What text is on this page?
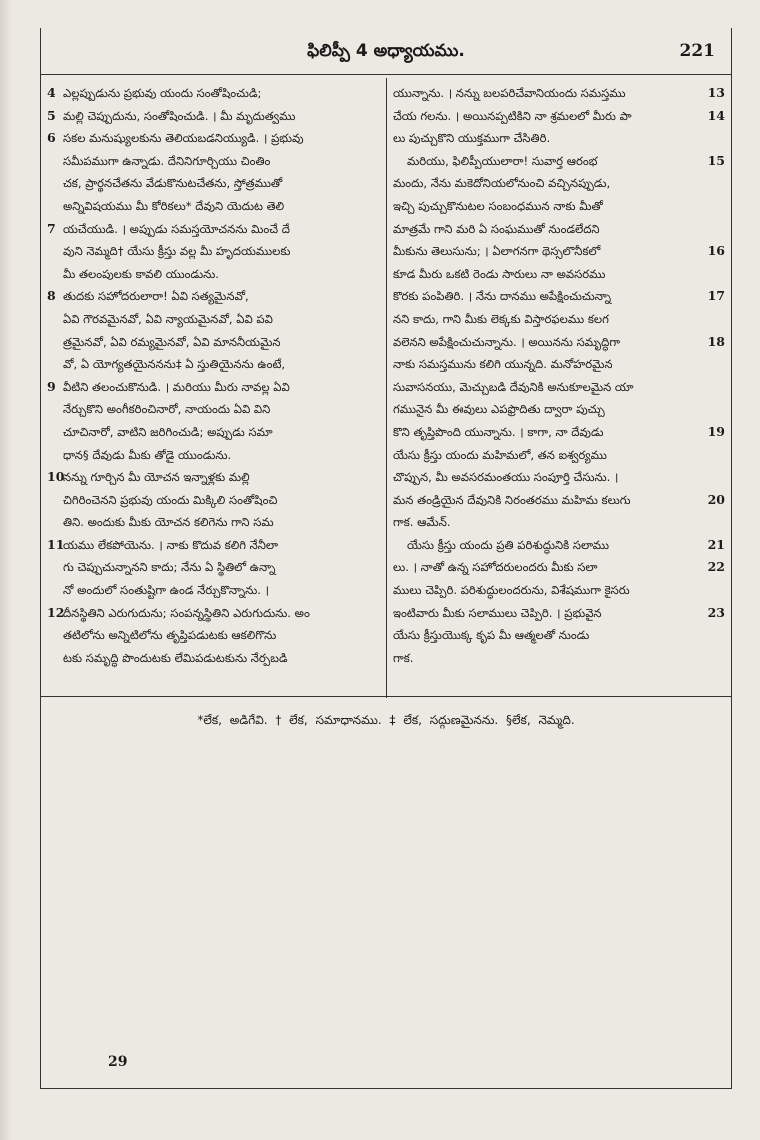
ఫిలిప్పీ 4 అధ్యాయము.	221
4 ఎల్లప్పుడును ప్రభువు యందు సంతోషించుడి;
5 మల్లి చెప్పుదును, సంతోషించుడి. । మీ మృదుత్వము
6 సకల మనుష్యులకును తెలియబడనియ్యుడి. । ప్రభువు
సమీపముగా ఉన్నాడు. దేనినిగూర్చియు చింతిం
చక, ప్రార్థనచేతను వేడుకొనుటచేతను, స్తోత్రముతో
అన్నివిషయము మీ కోరికలు* దేవుని యెదుట తెలి
7 యచేయుడి. । అప్పుడు సమస్తయోచనను మించే దే
వుని నెమ్మది† యేసు క్రీస్తు వల్ల మీ హృదయములకు
మీ తలంపులకు కావలి యుండును.
8 తుదకు సహోదరులారా! ఏవి సత్యమైనవో,
ఏవి గౌరవమైనవో, ఏవి న్యాయమైనవో, ఏవి పవి
త్రమైనవో, ఏవి రమ్యమైనవో, ఏవి మాననీయమైన
వో, ఏ యోగ్యతయైననను‡ ఏ స్తుతియైనను ఉంటే,
9 వీటిని తలంచుకొనుడి. । మరియు మీరు నావల్ల ఏవి
నేర్చుకొని అంగీకరించినారో, నాయందు ఏవి విని
చూచినారో, వాటిని జరిగించుడి; అప్పుడు సమా
ధాన§ దేవుడు మీకు తోడై యుండును.
10నన్ను గూర్చిన మీ యోచన ఇన్నాళ్లకు మల్లి
చిగిరించెనని ప్రభువు యందు మిక్కిలి సంతోషించి
తిని. అందుకు మీకు యోచన కలిగెను గాని సమ
11యము లేకపోయెను. । నాకు కొదువ కలిగి నేనీలా
గు చెప్పుచున్నానని కాదు; నేను ఏ స్థితిలో ఉన్నా
నో అందులో సంతుష్టిగా ఉండ నేర్చుకొన్నాను. ।
12దీనస్థితిని ఎరుగుదును; సంపన్నస్థితిని ఎరుగుదును. అం
తటిలోను అన్నిటిలోను తృప్తిపడుటకు ఆకలిగొను
టకు సమృద్ధి పొందుటకు లేమిపడుటకును నేర్పబడి
13
యున్నాను. । నన్ను బలపరిచేవానియందు సమస్తము
14
చేయ గలను. । అయినప్పటికిని నా శ్రమలలో మీరు పా
లు పుచ్చుకొని యుక్తముగా చేసితిరి.
15
మరియు, ఫిలిప్పీయులారా! సువార్త ఆరంభ
మందు, నేను మకెదోనియలోనుంచి వచ్చినప్పుడు,
ఇచ్చి పుచ్చుకొనుటల సంబంధమున నాకు మీతో
మాత్రమే గాని మరి ఏ సంఘముతో నుండలేదని
16
మీకును తెలుసును; । ఏలాగనగా థెస్సలొనీకలో
కూడ మీరు ఒకటి రెండు సారులు నా అవసరము
17
కొరకు పంపితిరి. । నేను దానము అపేక్షించుచున్నా
నని కాదు, గాని మీకు లెక్కకు విస్తారఫలము కలగ
18
వలెనని అపేక్షించుచున్నాను. । అయినను సమృద్ధిగా
నాకు సమస్తమును కలిగి యున్నది. మనోహరమైన
సువాసనయు, మెచ్చుబడి దేవునికి అనుకూలమైన యా
గమునైన మీ ఈవులు ఎపఫ్రొదితు ద్వారా పుచ్చు
19
కొని తృప్తిపొంది యున్నాను. । కాగా, నా దేవుడు
యేసు క్రీస్తు యందు మహిమలో, తన ఐశ్వర్యము
చొప్పున, మీ అవసరమంతయు సంపూర్తి చేసును. ।
20
మన తండ్రియైన దేవునికి నిరంతరము మహిమ కలుగు
గాక. ఆమేన్.
21
యేసు క్రీస్తు యందు ప్రతి పరిశుద్ధునికి సలాము
22
లు. । నాతో ఉన్న సహోదరులందరు మీకు సలా
ములు చెప్పిరి. పరిశుద్ధులందరును, విశేషముగా కైసరు
23
ఇంటివారు మీకు సలాములు చెప్పిరి. । ప్రభువైన
యేసు క్రీస్తుయొక్క కృప మీ ఆత్మలతో నుండు
గాక.
*లేక, అడిగేవి. † లేక, సమాధానము. ‡ లేక, సద్గుణమైనను. §లేక, నెమ్మది.
29
